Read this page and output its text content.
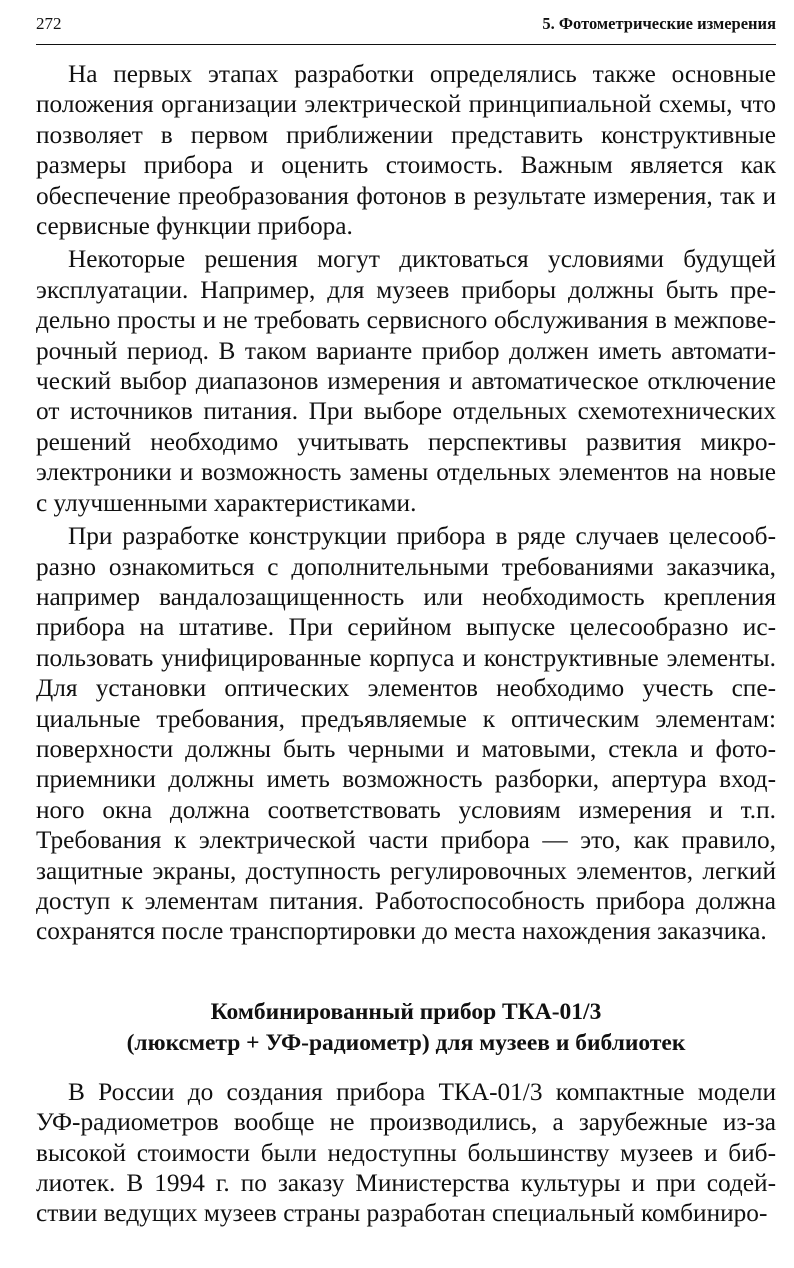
272	5. Фотометрические измерения

На первых этапах разработки определялись также основные положения организации электрической принципиальной схемы, что позволяет в первом приближении представить конструктивные размеры прибора и оценить стоимость. Важным является как обеспечение преобразования фотонов в результате измерения, так и сервисные функции прибора.

Некоторые решения могут диктоваться условиями будущей эксплуатации. Например, для музеев приборы должны быть предельно просты и не требовать сервисного обслуживания в межповерочный период. В таком варианте прибор должен иметь автоматический выбор диапазонов измерения и автоматическое отключение от источников питания. При выборе отдельных схемотехнических решений необходимо учитывать перспективы развития микроэлектроники и возможность замены отдельных элементов на новые с улучшенными характеристиками.

При разработке конструкции прибора в ряде случаев целесообразно ознакомиться с дополнительными требованиями заказчика, например вандалозащищенность или необходимость крепления прибора на штативе. При серийном выпуске целесообразно использовать унифицированные корпуса и конструктивные элементы. Для установки оптических элементов необходимо учесть специальные требования, предъявляемые к оптическим элементам: поверхности должны быть черными и матовыми, стекла и фотоприемники должны иметь возможность разборки, апертура входного окна должна соответствовать условиям измерения и т.п. Требования к электрической части прибора — это, как правило, защитные экраны, доступность регулировочных элементов, легкий доступ к элементам питания. Работоспособность прибора должна сохранятся после транспортировки до места нахождения заказчика.

Комбинированный прибор ТКА-01/3
(люксметр + УФ-радиометр) для музеев и библиотек

В России до создания прибора ТКА-01/3 компактные модели УФ-радиометров вообще не производились, а зарубежные из-за высокой стоимости были недоступны большинству музеев и библиотек. В 1994 г. по заказу Министерства культуры и при содействии ведущих музеев страны разработан специальный комбиниро-
